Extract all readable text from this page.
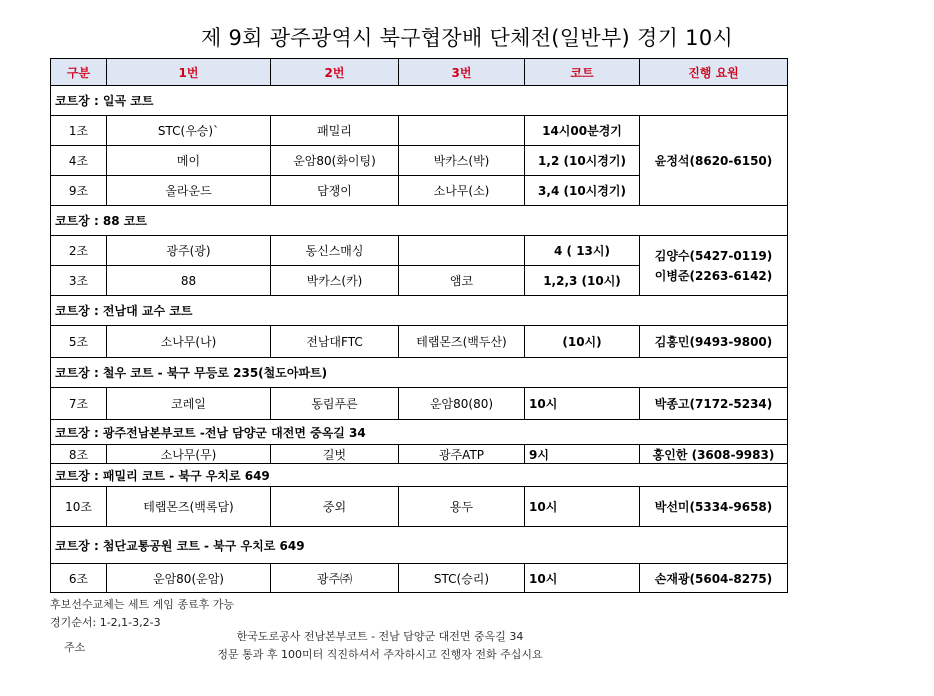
제 9회 광주광역시 북구협장배 단체전(일반부) 경기 10시
구분	1번	2번	3번	코트	진행 요원
코트장 : 일곡 코트					
1조	STC(우승)`	패밀리		14시00분경기	윤정석(8620-6150)
4조	메이	운암80(화이팅)	박카스(박)	1,2 (10시경기)	
9조	올라운드	담쟁이	소나무(소)	3,4 (10시경기)	
코트장 : 88 코트					
2조	광주(광)	동신스매싱		4 ( 13시)	김양수(5427-0119)
이병준(2263-6142)

3조	88	박카스(카)	앰코	1,2,3 (10시)	
코트장 : 전남대 교수 코트					
5조	소나무(나)	전남대FTC	테랩몬즈(백두산)	(10시)	김홍민(9493-9800)
코트장 : 철우 코트 - 북구 무등로 235(철도아파트)					
7조	코레일	동림푸른	운암80(80)	10시	박종고(7172-5234)
코트장 : 광주전남본부코트 -전남 담양군 대전면 중옥길 34					
8조	소나무(무)	길벗	광주ATP	9시	홍인한 (3608-9983)
코트장 : 패밀리 코트 - 북구 우치로 649					
10조	테랩몬즈(백록담)	중외	용두	10시	박선미(5334-9658)
코트장 : 첨단교통공원 코트 - 북구 우치로 649					
6조	운암80(운암)	광주㈜	STC(승리)	10시	손재광(5604-8275)
후보선수교체는 세트 게임 종료후 가능
경기순서: 1-2,1-3,2-3
주소
한국도로공사 전남본부코트 - 전남 담양군 대전면 중옥길 34
정문 통과 후 100미터 직진하셔서 주자하시고 진행자 전화 주십시요
